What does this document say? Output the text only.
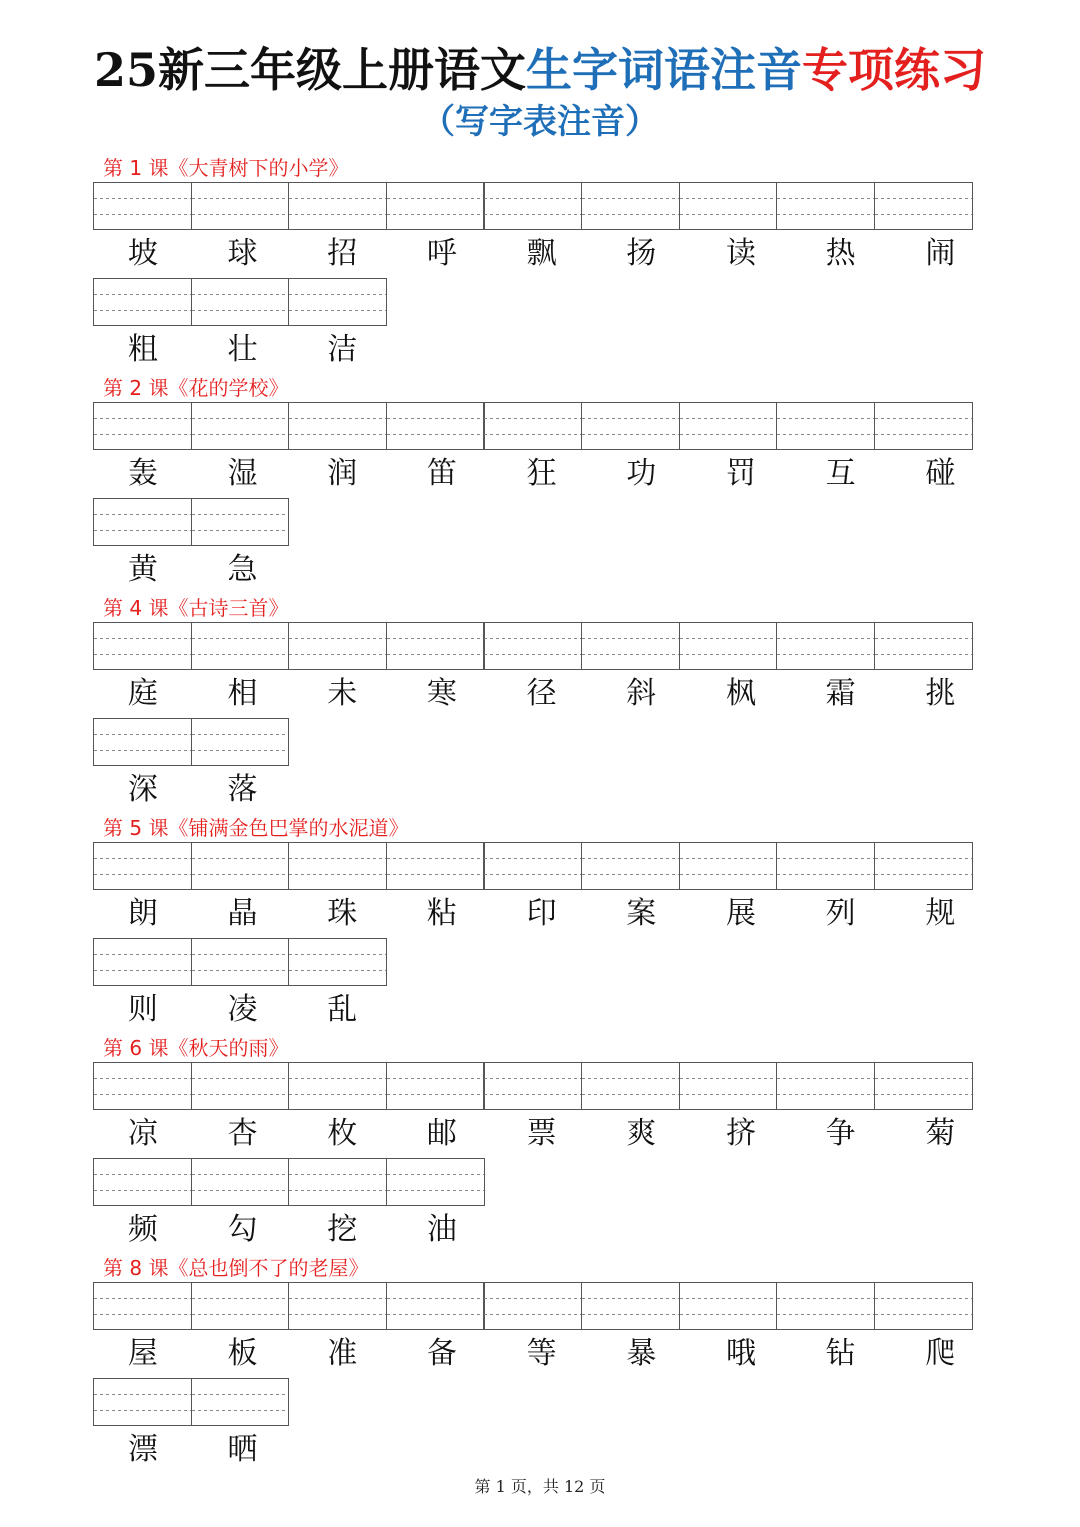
25新三年级上册语文生字词语注音专项练习
（写字表注音）
第 1 课《大青树下的小学》
坡	球	招	呼	飘	扬	读	热	闹
粗	壮	洁
第 2 课《花的学校》
轰	湿	润	笛	狂	功	罚	互	碰
黄	急
第 4 课《古诗三首》
庭	相	未	寒	径	斜	枫	霜	挑
深	落
第 5 课《铺满金色巴掌的水泥道》
朗	晶	珠	粘	印	案	展	列	规
则	凌	乱
第 6 课《秋天的雨》
凉	杏	枚	邮	票	爽	挤	争	菊
频	勾	挖	油
第 8 课《总也倒不了的老屋》
屋	板	准	备	等	暴	哦	钻	爬
漂	晒
第 1 页，共 12 页
